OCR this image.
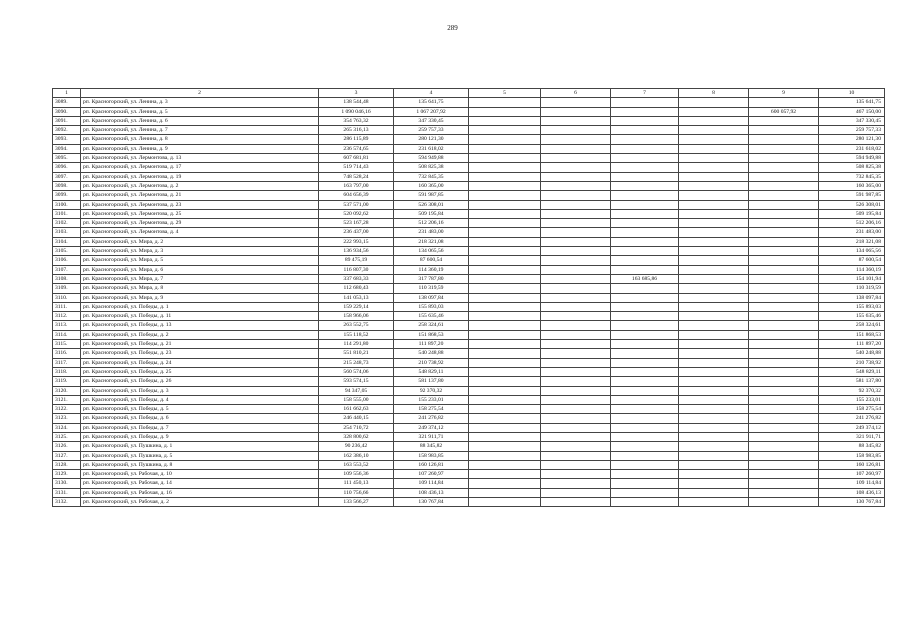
289
1	2	3	4	5	6	7	8	9	10
3089.	рп. Красногорский, ул. Ленина, д. 3	138 544,48	135 641,75						135 641,75
3090.	рп. Красногорский, ул. Ленина, д. 5	1 090 046,16	1 067 207,92					600 057,92	467 150,00
3091.	рп. Красногорский, ул. Ленина, д. 6	354 763,32	347 330,45						347 330,45
3092.	рп. Красногорский, ул. Ленина, д. 7	265 316,13	259 757,33						259 757,33
3093.	рп. Красногорский, ул. Ленина, д. 8	286 115,89	280 121,30						280 121,30
3094.	рп. Красногорский, ул. Ленина, д. 9	236 574,65	231 618,02						231 618,02
3095.	рп. Красногорский, ул. Лермонтова, д. 13	607 681,81	594 949,88						594 949,88
3096.	рп. Красногорский, ул. Лермонтова, д. 17	519 714,43	508 825,38						508 825,38
3097.	рп. Красногорский, ул. Лермонтова, д. 19	748 528,24	732 845,35						732 845,35
3098.	рп. Красногорский, ул. Лермонтова, д. 2	163 797,00	160 365,00						160 365,00
3099.	рп. Красногорский, ул. Лермонтова, д. 21	604 656,39	591 987,85						591 987,85
3100.	рп. Красногорский, ул. Лермонтова, д. 23	537 571,00	526 308,01						526 308,01
3101.	рп. Красногорский, ул. Лермонтова, д. 25	520 092,62	509 195,84						509 195,84
3102.	рп. Красногорский, ул. Лермонтова, д. 29	523 167,28	512 206,16						512 206,16
3103.	рп. Красногорский, ул. Лермонтова, д. 4	236 437,00	231 483,00						231 483,00
3104.	рп. Красногорский, ул. Мира, д. 2	222 993,15	218 321,08						218 321,08
3105.	рп. Красногорский, ул. Мира, д. 3	136 934,56	134 065,56						134 065,56
3106.	рп. Красногорский, ул. Мира, д. 5	89 475,19	87 600,54						87 600,54
3107.	рп. Красногорский, ул. Мира, д. 6	116 807,30	114 360,19						114 360,19
3108.	рп. Красногорский, ул. Мира, д. 7	337 683,33	317 787,80			163 685,86			154 101,94
3109.	рп. Красногорский, ул. Мира, д. 8	112 680,43	110 319,59						110 319,59
3110.	рп. Красногорский, ул. Мира, д. 9	141 053,13	138 097,84						138 097,84
3111.	рп. Красногорский, ул. Победы, д. 1	159 229,14	155 893,03						155 893,03
3112.	рп. Красногорский, ул. Победы, д. 11	158 966,06	155 635,46						155 635,46
3113.	рп. Красногорский, ул. Победы, д. 13	263 552,75	258 324,61						258 324,61
3114.	рп. Красногорский, ул. Победы, д. 2	155 118,52	151 868,53						151 868,53
3115.	рп. Красногорский, ул. Победы, д. 21	114 291,80	111 897,20						111 897,20
3116.	рп. Красногорский, ул. Победы, д. 23	551 810,21	540 248,88						540 248,88
3117.	рп. Красногорский, ул. Победы, д. 24	215 248,73	210 738,92						210 738,92
3118.	рп. Красногорский, ул. Победы, д. 25	560 574,06	548 829,11						548 829,11
3119.	рп. Красногорский, ул. Победы, д. 26	593 574,15	581 137,80						581 137,80
3120.	рп. Красногорский, ул. Победы, д. 3	94 347,05	92 370,32						92 370,32
3121.	рп. Красногорский, ул. Победы, д. 4	158 555,00	155 233,01						155 233,01
3122.	рп. Красногорский, ул. Победы, д. 5	161 662,63	158 275,54						158 275,54
3123.	рп. Красногорский, ул. Победы, д. 6	246 440,15	241 276,82						241 276,82
3124.	рп. Красногорский, ул. Победы, д. 7	254 710,72	249 374,12						249 374,12
3125.	рп. Красногорский, ул. Победы, д. 9	328 800,62	321 911,71						321 911,71
3126.	рп. Красногорский, ул. Пушкина, д. 1	90 236,42	88 345,82						88 345,82
3127.	рп. Красногорский, ул. Пушкина, д. 5	162 386,10	158 983,85						158 983,85
3128.	рп. Красногорский, ул. Пушкина, д. 8	163 553,52	160 126,81						160 126,81
3129.	рп. Красногорский, ул. Рабочая, д. 10	109 556,36	107 260,97						107 260,97
3130.	рп. Красногорский, ул. Рабочая, д. 14	111 450,13	109 114,84						109 114,84
3131.	рп. Красногорский, ул. Рабочая, д. 16	110 756,66	108 436,13						108 436,13
3132.	рп. Красногорский, ул. Рабочая, д. 2	133 566,27	130 767,84						130 767,84
